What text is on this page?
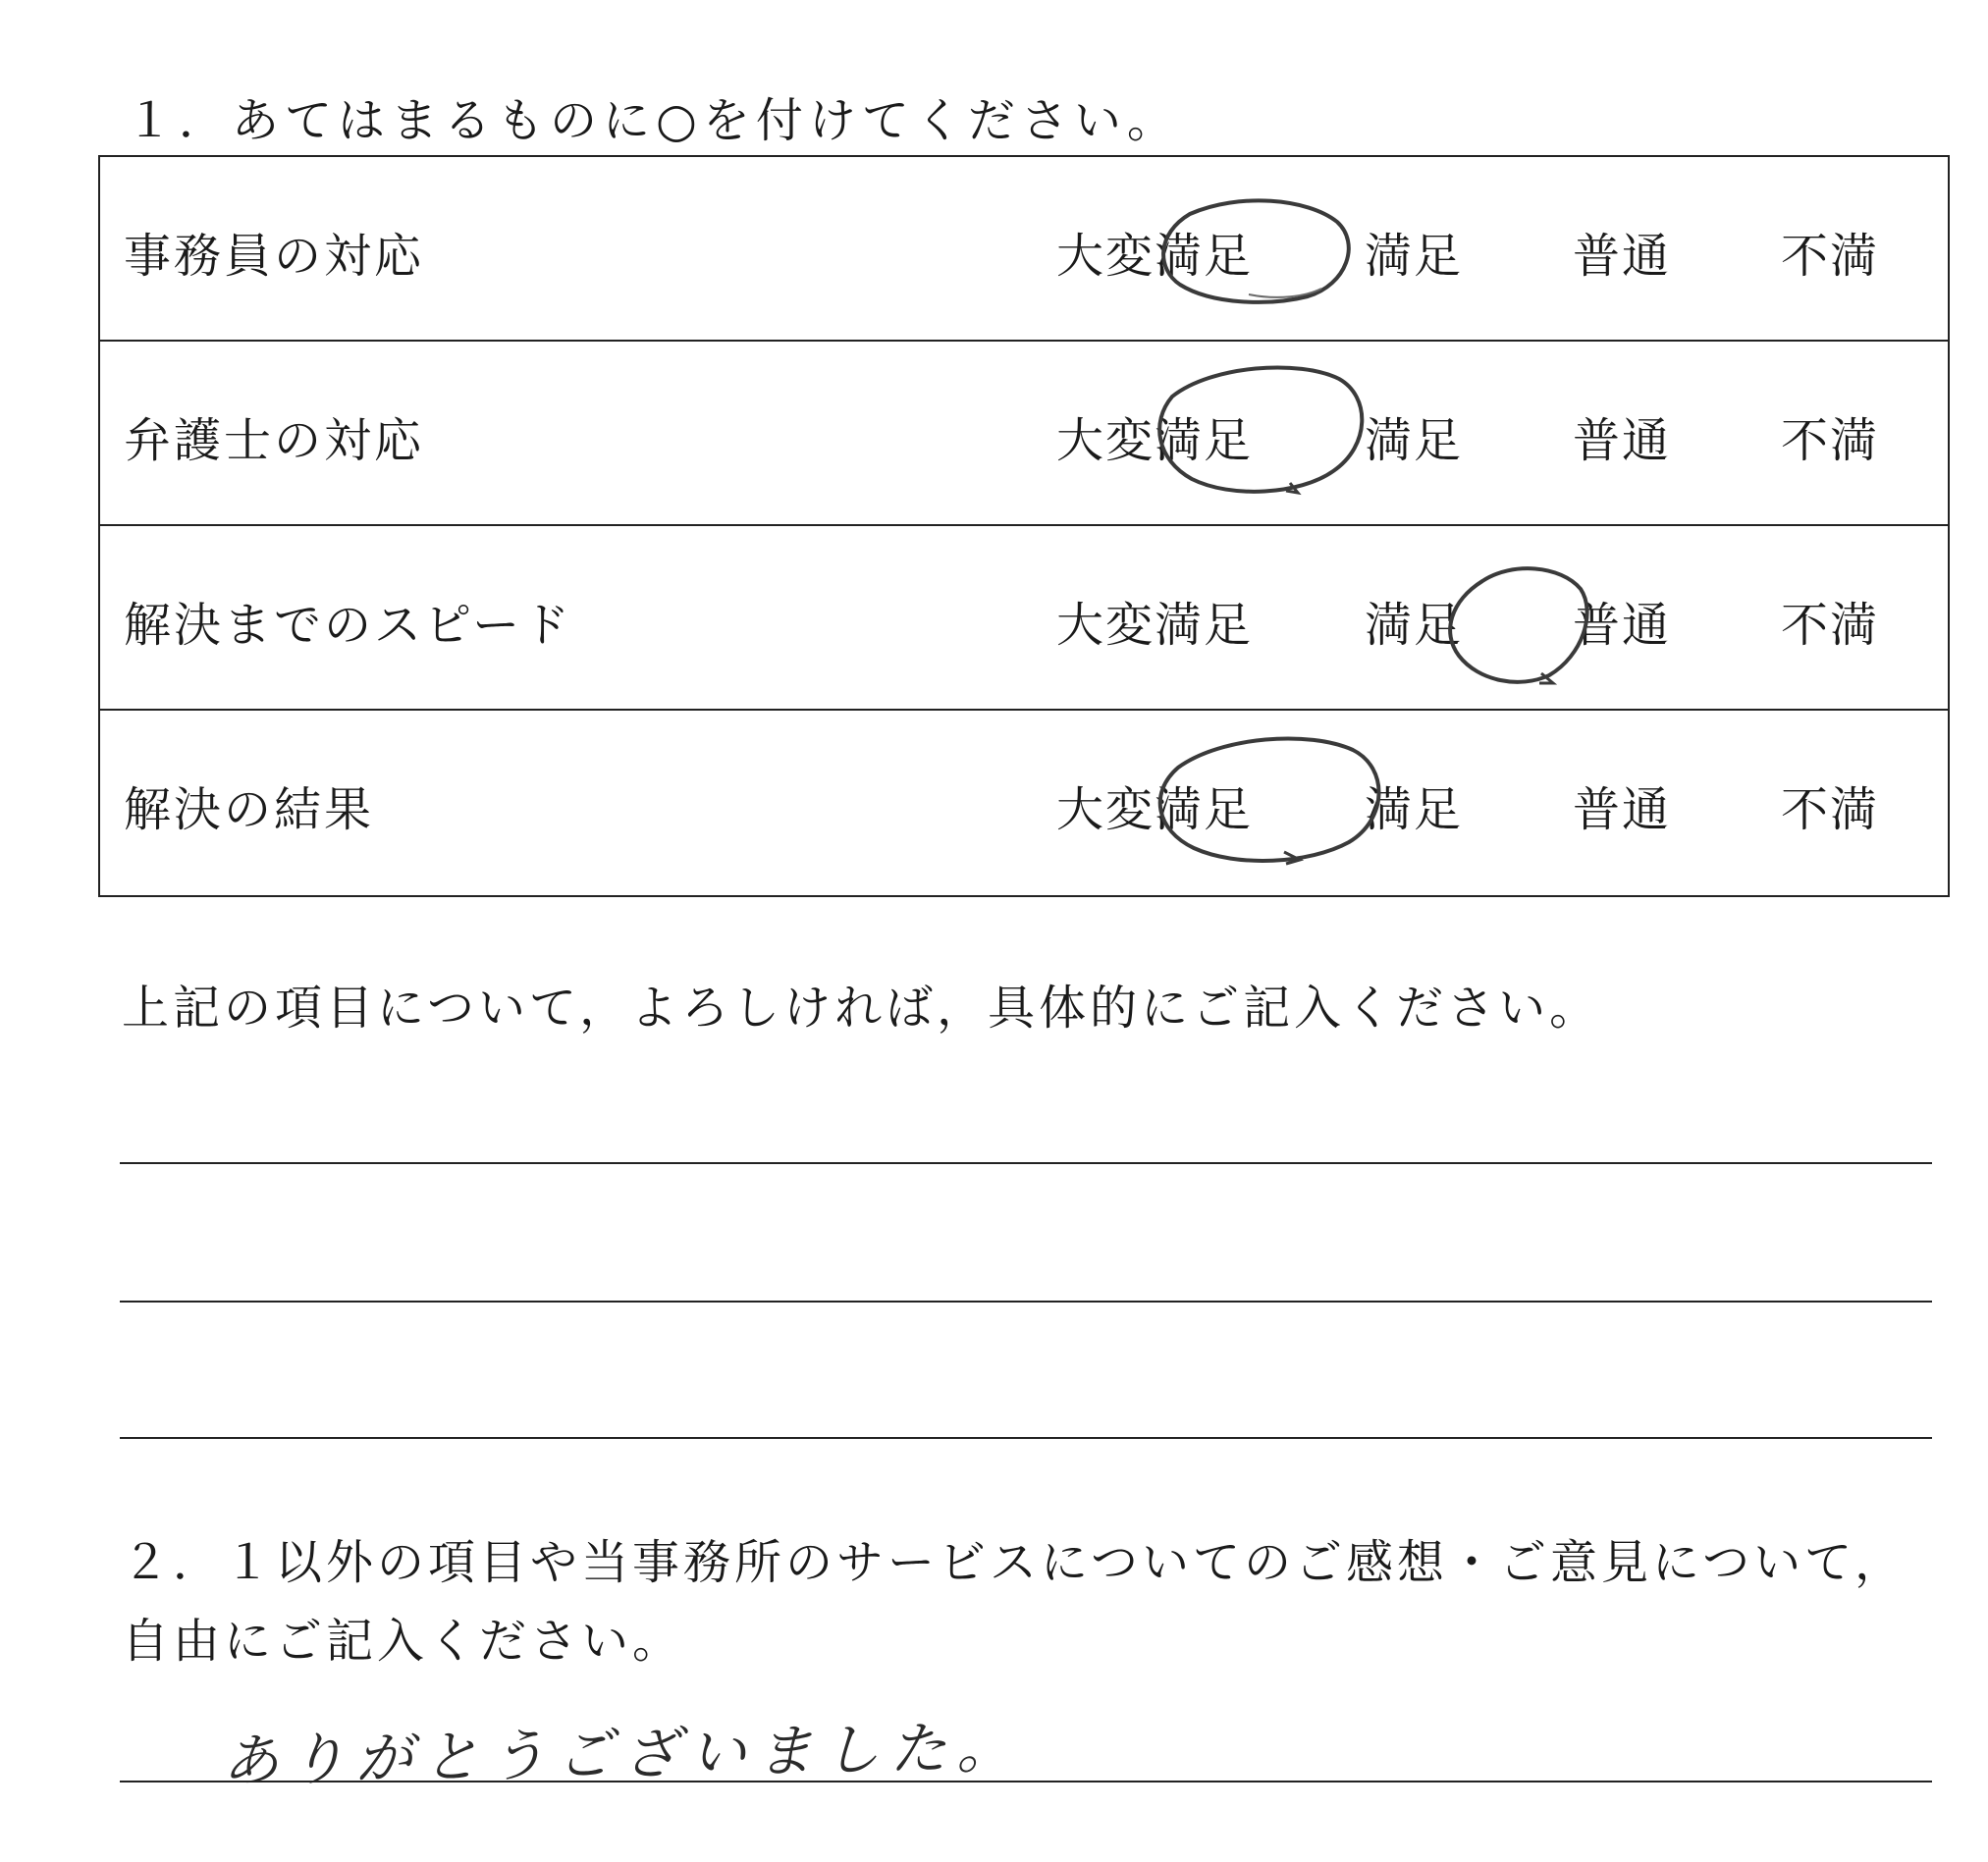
１．あてはまるものに○を付けてください。
事務員の対応	大変満足 満足 普通 不満
弁護士の対応	大変満足 満足 普通 不満
解決までのスピード	大変満足 満足 普通 不満
解決の結果	大変満足 満足 普通 不満
上記の項目について，よろしければ，具体的にご記入ください。
２．１以外の項目や当事務所のサービスについてのご感想・ご意見について，
自由にご記入ください。
ありがとうございました。
